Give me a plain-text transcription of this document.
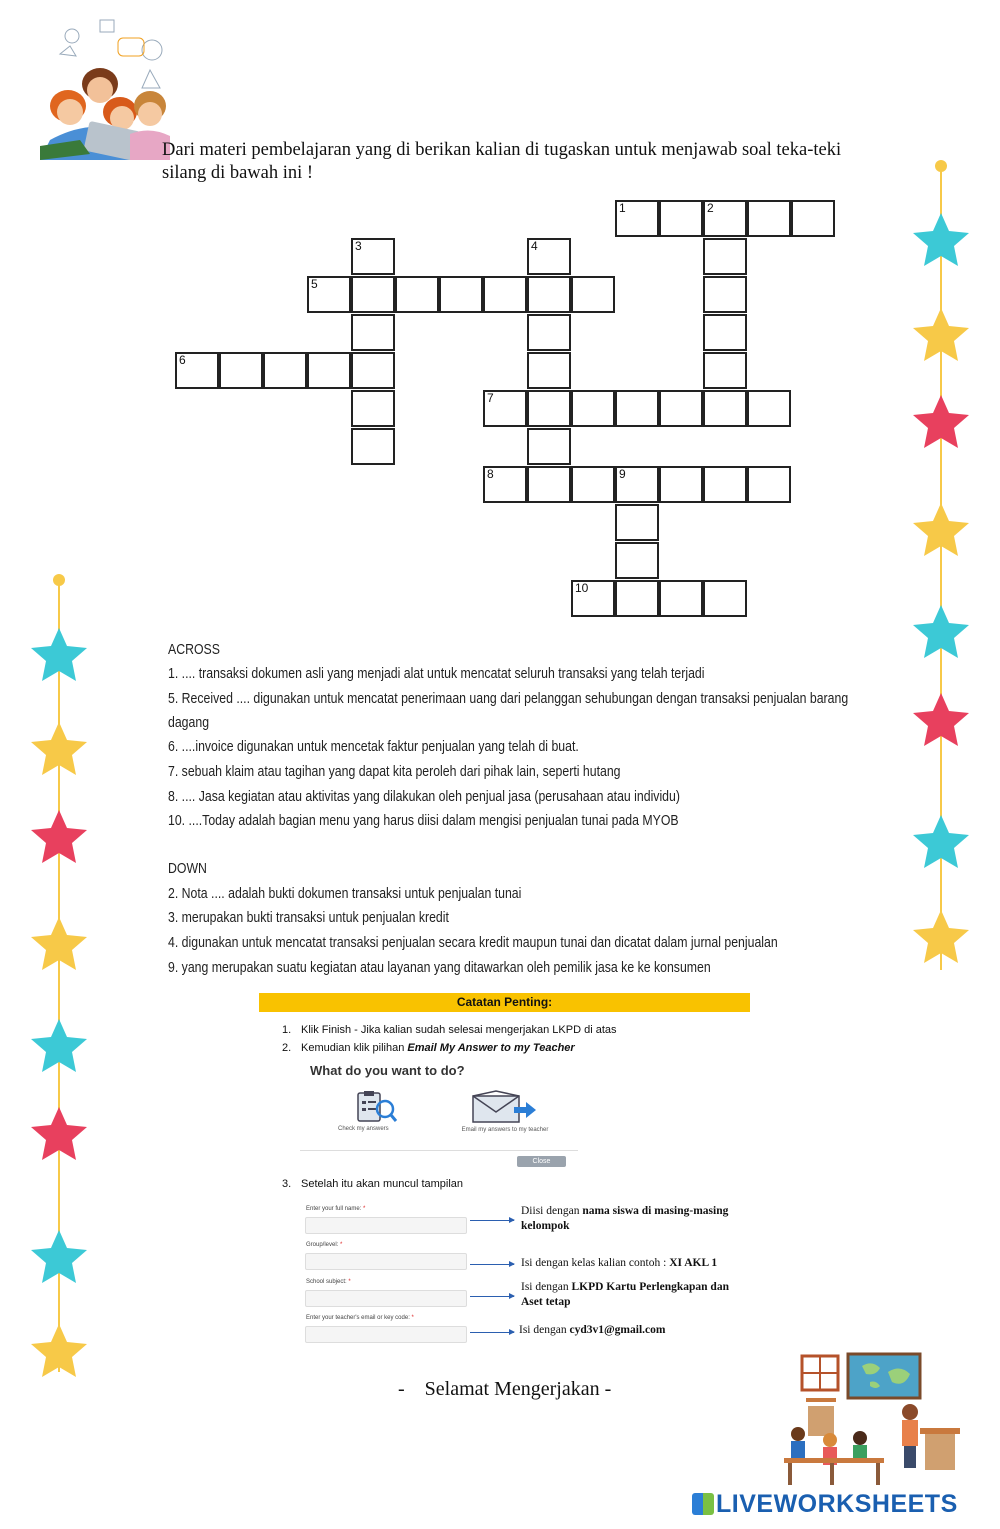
Dari materi pembelajaran yang di berikan kalian di tugaskan untuk menjawab soal teka-teki
silang di bawah ini !
1	2
3	4
5
6
7
8	9
10
ACROSS
1. .... transaksi dokumen asli yang menjadi alat untuk mencatat seluruh transaksi yang telah terjadi
5. Received .... digunakan untuk mencatat penerimaan uang dari pelanggan sehubungan dengan transaksi penjualan barang
dagang
6. ....invoice digunakan untuk mencetak faktur penjualan yang telah di buat.
7. sebuah klaim atau tagihan yang dapat kita peroleh dari pihak lain, seperti hutang
8. .... Jasa kegiatan atau aktivitas yang dilakukan oleh penjual jasa (perusahaan atau individu)
10. ....Today adalah bagian menu yang harus diisi dalam mengisi penjualan tunai pada MYOB
DOWN
2. Nota .... adalah bukti dokumen transaksi untuk penjualan tunai
3. merupakan bukti transaksi untuk penjualan kredit
4. digunakan untuk mencatat transaksi penjualan secara kredit maupun tunai dan dicatat dalam jurnal penjualan
9. yang merupakan suatu kegiatan atau layanan yang ditawarkan oleh pemilik jasa ke ke konsumen
Catatan Penting:
1. Klik Finish - Jika kalian sudah selesai mengerjakan LKPD di atas
2. Kemudian klik pilihan Email My Answer to my Teacher
What do you want to do?
Check my answers	Email my answers to my teacher
Close
3. Setelah itu akan muncul tampilan
Enter your full name: *	Diisi dengan nama siswa di masing-masing kelompok
Group/level: *
Isi dengan kelas kalian contoh : XI AKL 1
School subject: *	Isi dengan LKPD Kartu Perlengkapan dan Aset tetap
Enter your teacher's email or key code: *
Isi dengan cyd3v1@gmail.com
-    Selamat Mengerjakan -
LIVEWORKSHEETS
